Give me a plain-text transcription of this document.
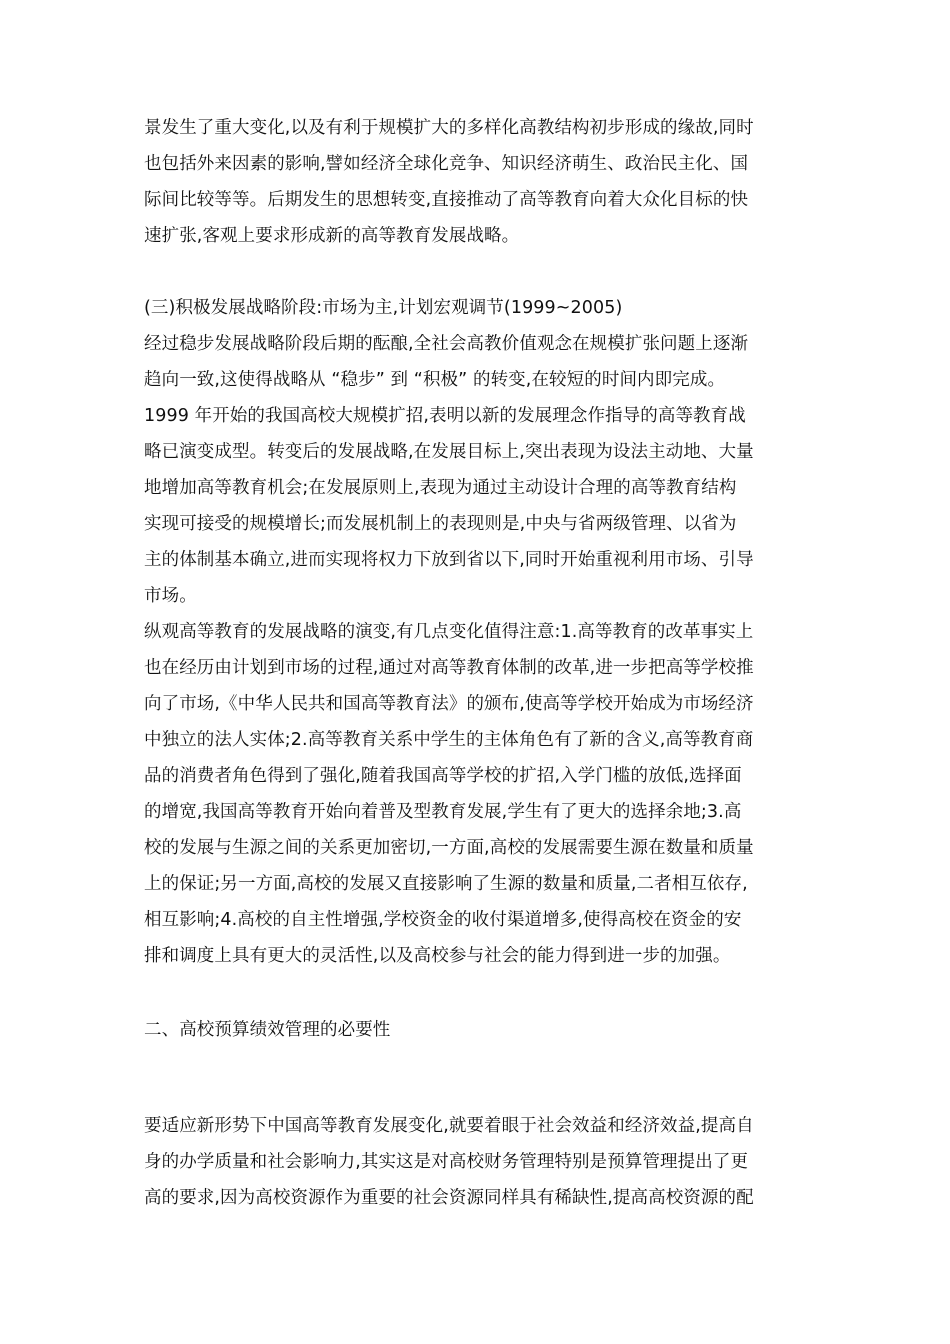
景发生了重大变化,以及有利于规模扩大的多样化高教结构初步形成的缘故,同时
也包括外来因素的影响,譬如经济全球化竞争、知识经济萌生、政治民主化、国
际间比较等等。后期发生的思想转变,直接推动了高等教育向着大众化目标的快
速扩张,客观上要求形成新的高等教育发展战略。
(三)积极发展战略阶段:市场为主,计划宏观调节(1999~2005)
经过稳步发展战略阶段后期的酝酿,全社会高教价值观念在规模扩张问题上逐渐
趋向一致,这使得战略从 “稳步” 到 “积极” 的转变,在较短的时间内即完成。
1999 年开始的我国高校大规模扩招,表明以新的发展理念作指导的高等教育战
略已演变成型。转变后的发展战略,在发展目标上,突出表现为设法主动地、大量
地增加高等教育机会;在发展原则上,表现为通过主动设计合理的高等教育结构
实现可接受的规模增长;而发展机制上的表现则是,中央与省两级管理、以省为
主的体制基本确立,进而实现将权力下放到省以下,同时开始重视利用市场、引导
市场。
纵观高等教育的发展战略的演变,有几点变化值得注意:1.高等教育的改革事实上
也在经历由计划到市场的过程,通过对高等教育体制的改革,进一步把高等学校推
向了市场,《中华人民共和国高等教育法》的颁布,使高等学校开始成为市场经济
中独立的法人实体;2.高等教育关系中学生的主体角色有了新的含义,高等教育商
品的消费者角色得到了强化,随着我国高等学校的扩招,入学门槛的放低,选择面
的增宽,我国高等教育开始向着普及型教育发展,学生有了更大的选择余地;3.高
校的发展与生源之间的关系更加密切,一方面,高校的发展需要生源在数量和质量
上的保证;另一方面,高校的发展又直接影响了生源的数量和质量,二者相互依存,
相互影响;4.高校的自主性增强,学校资金的收付渠道增多,使得高校在资金的安
排和调度上具有更大的灵活性,以及高校参与社会的能力得到进一步的加强。
二、高校预算绩效管理的必要性
要适应新形势下中国高等教育发展变化,就要着眼于社会效益和经济效益,提高自
身的办学质量和社会影响力,其实这是对高校财务管理特别是预算管理提出了更
高的要求,因为高校资源作为重要的社会资源同样具有稀缺性,提高高校资源的配
